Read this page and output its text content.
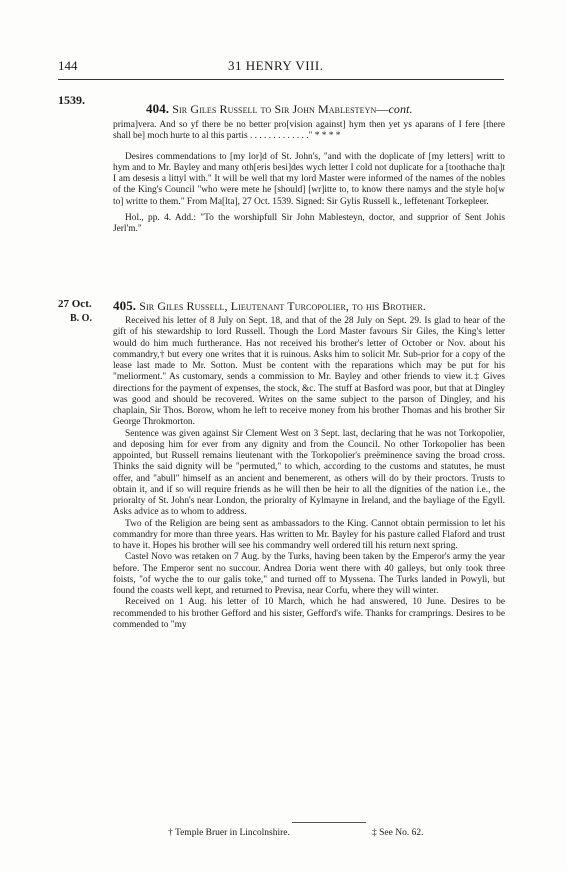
144	31 HENRY VIII.
1539.
404. Sir Giles Russell to Sir John Mablesteyn—cont.

prima]vera. And so yf there be no better pro[vision against] hym then yet ys aparans of I fere [there shall be] moch hurte to al this partis . . . . . . . . . . . . ." * * * *

Desires commendations to [my lor]d of St. John's, "and with the doplicate of [my letters] writt to hym and to Mr. Bayley and many oth[eris besi]des wych letter I cold not duplicate for a [toothache tha]t I am desesis a littyl with." It will be well that my lord Master were informed of the names of the nobles of the King's Council "who were mete he [should] [wr]itte to, to know there namys and the style ho[w to] writte to them." From Ma[lta], 27 Oct. 1539. Signed: Sir Gylis Russell k., leffetenant Torkepleer.

Hol., pp. 4. Add.: "To the worshipfull Sir John Mablesteyn, doctor, and supprior of Sent Johis Jerl'm."

27 Oct.
B. O.
405. Sir Giles Russell, Lieutenant Turcopolier, to his Brother.

Received his letter of 8 July on Sept. 18, and that of the 28 July on Sept. 29. Is glad to hear of the gift of his stewardship to lord Russell. Though the Lord Master favours Sir Giles, the King's letter would do him much furtherance. Has not received his brother's letter of October or Nov. about his commandry,† but every one writes that it is ruinous. Asks him to solicit Mr. Sub-prior for a copy of the lease last made to Mr. Sotton. Must be content with the reparations which may be put for his "meliorment." As customary, sends a commission to Mr. Bayley and other friends to view it.‡ Gives directions for the payment of expenses, the stock, &c. The stuff at Basford was poor, but that at Dingley was good and should be recovered. Writes on the same subject to the parson of Dingley, and his chaplain, Sir Thos. Borow, whom he left to receive money from his brother Thomas and his brother Sir George Throkmorton.

Sentence was given against Sir Clement West on 3 Sept. last, declaring that he was not Torkopolier, and deposing him for ever from any dignity and from the Council. No other Torkopolier has been appointed, but Russell remains lieutenant with the Torkopolier's preëminence saving the broad cross. Thinks the said dignity will be "permuted," to which, according to the customs and statutes, he must offer, and "abull" himself as an ancient and benemerent, as others will do by their proctors. Trusts to obtain it, and if so will require friends as he will then be heir to all the dignities of the nation i.e., the prioralty of St. John's near London, the prioralty of Kylmayne in Ireland, and the bayliage of the Egyll. Asks advice as to whom to address.

Two of the Religion are being sent as ambassadors to the King. Cannot obtain permission to let his commandry for more than three years. Has written to Mr. Bayley for his pasture called Flaford and trust to have it. Hopes his brother will see his commandry well ordered till his return next spring.

Castel Novo was retaken on 7 Aug. by the Turks, having been taken by the Emperor's army the year before. The Emperor sent no succour. Andrea Doria went there with 40 galleys, but only took three foists, "of wyche the to our galis toke," and turned off to Myssena. The Turks landed in Powyli, but found the coasts well kept, and returned to Previsa, near Corfu, where they will winter.

Received on 1 Aug. his letter of 10 March, which he had answered, 10 June. Desires to be recommended to his brother Gefford and his sister, Gefford's wife. Thanks for cramprings. Desires to be commended to "my

† Temple Bruer in Lincolnshire.	‡ See No. 62.
